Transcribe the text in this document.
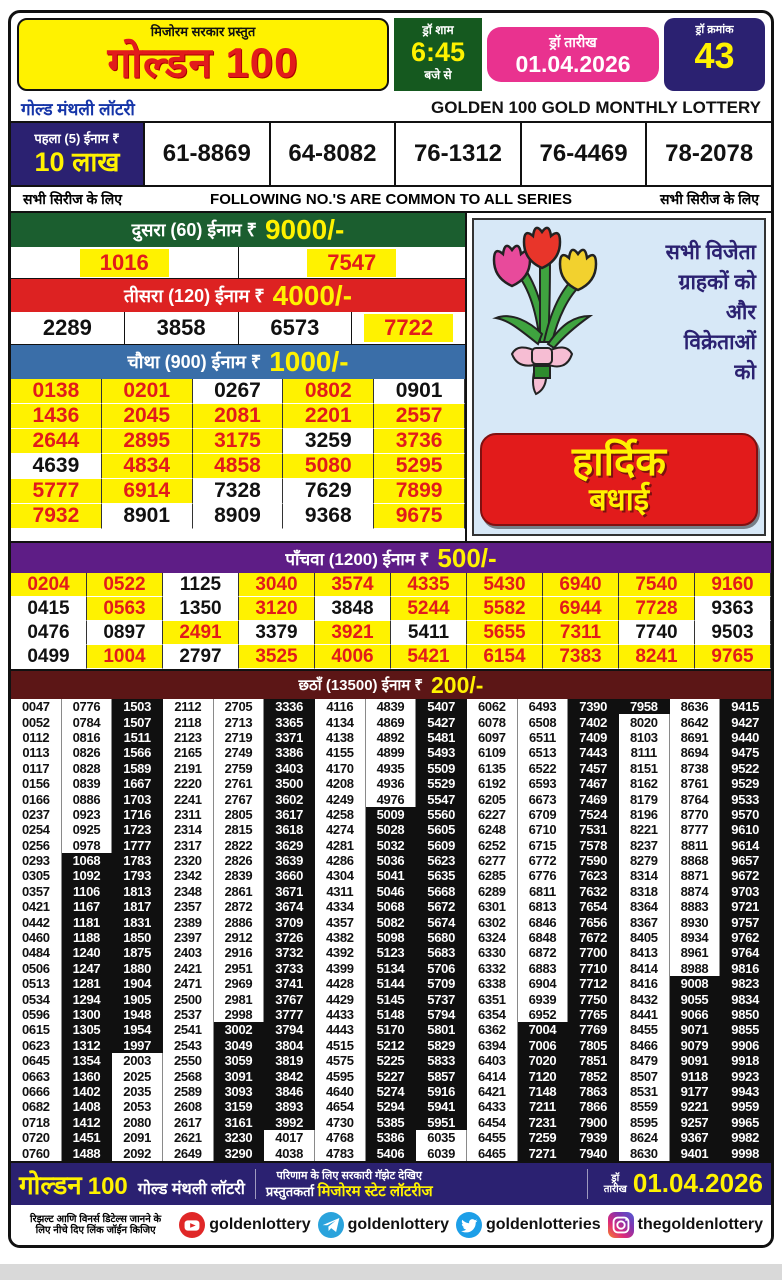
मिजोरम सरकार प्रस्तुत
गोल्डन 100
ड्रॉ शाम
6:45
बजे से
ड्रॉ तारीख
01.04.2026
ड्रॉ क्रमांक
43
गोल्ड मंथली लॉटरी	GOLDEN 100 GOLD MONTHLY LOTTERY
पहला (5) ईनाम ₹
10 लाख	61-8869	64-8082	76-1312	76-4469	78-2078
सभी सिरीज के लिए	FOLLOWING NO.'S ARE COMMON TO ALL SERIES	सभी सिरीज के लिए
दुसरा (60) ईनाम ₹ 9000/-
1016	7547
तीसरा (120) ईनाम ₹ 4000/-
2289	3858	6573	7722
चौथा (900) ईनाम ₹ 1000/-
0138	0201	0267	0802	0901
1436	2045	2081	2201	2557
2644	2895	3175	3259	3736
4639	4834	4858	5080	5295
5777	6914	7328	7629	7899
7932	8901	8909	9368	9675
सभी विजेता
ग्राहकों को
और
विक्रेताओं
को
हार्दिक
बधाई
पाँचवा (1200) ईनाम ₹ 500/-
0204	0522	1125	3040	3574	4335	5430	6940	7540	9160
0415	0563	1350	3120	3848	5244	5582	6944	7728	9363
0476	0897	2491	3379	3921	5411	5655	7311	7740	9503
0499	1004	2797	3525	4006	5421	6154	7383	8241	9765
छठाँ (13500) ईनाम ₹ 200/-
0047	0776	1503	2112	2705	3336	4116	4839	5407	6062	6493	7390	7958	8636	9415
0052	0784	1507	2118	2713	3365	4134	4869	5427	6078	6508	7402	8020	8642	9427
0112	0816	1511	2123	2719	3371	4138	4892	5481	6097	6511	7409	8103	8691	9440
0113	0826	1566	2165	2749	3386	4155	4899	5493	6109	6513	7443	8111	8694	9475
0117	0828	1589	2191	2759	3403	4170	4935	5509	6135	6522	7457	8151	8738	9522
0156	0839	1667	2220	2761	3500	4208	4936	5529	6192	6593	7467	8162	8761	9529
0166	0886	1703	2241	2767	3602	4249	4976	5547	6205	6673	7469	8179	8764	9533
0237	0923	1716	2311	2805	3617	4258	5009	5560	6227	6709	7524	8196	8770	9570
0254	0925	1723	2314	2815	3618	4274	5028	5605	6248	6710	7531	8221	8777	9610
0256	0978	1777	2317	2822	3629	4281	5032	5609	6252	6715	7578	8237	8811	9614
0293	1068	1783	2320	2826	3639	4286	5036	5623	6277	6772	7590	8279	8868	9657
0305	1092	1793	2342	2839	3660	4304	5041	5635	6285	6776	7623	8314	8871	9672
0357	1106	1813	2348	2861	3671	4311	5046	5668	6289	6811	7632	8318	8874	9703
0421	1167	1817	2357	2872	3674	4334	5068	5672	6301	6813	7654	8364	8883	9721
0442	1181	1831	2389	2886	3709	4357	5082	5674	6302	6846	7656	8367	8930	9757
0460	1188	1850	2397	2912	3726	4382	5098	5680	6324	6848	7672	8405	8934	9762
0484	1240	1875	2403	2916	3732	4392	5123	5683	6330	6872	7700	8413	8961	9764
0506	1247	1880	2421	2951	3733	4399	5134	5706	6332	6883	7710	8414	8988	9816
0513	1281	1904	2471	2969	3741	4428	5144	5709	6338	6904	7712	8416	9008	9823
0534	1294	1905	2500	2981	3767	4429	5145	5737	6351	6939	7750	8432	9055	9834
0596	1300	1948	2537	2998	3777	4433	5148	5794	6354	6952	7765	8441	9066	9850
0615	1305	1954	2541	3002	3794	4443	5170	5801	6362	7004	7769	8455	9071	9855
0623	1312	1997	2543	3049	3804	4515	5212	5829	6394	7006	7805	8466	9079	9906
0645	1354	2003	2550	3059	3819	4575	5225	5833	6403	7020	7851	8479	9091	9918
0663	1360	2025	2568	3091	3842	4595	5227	5857	6414	7120	7852	8507	9118	9923
0666	1402	2035	2589	3093	3846	4640	5274	5916	6421	7148	7863	8531	9177	9943
0682	1408	2053	2608	3159	3893	4654	5294	5941	6433	7211	7866	8559	9221	9959
0718	1412	2080	2617	3161	3992	4730	5385	5951	6454	7231	7900	8595	9257	9965
0720	1451	2091	2621	3230	4017	4768	5386	6035	6455	7259	7939	8624	9367	9982
0760	1488	2092	2649	3290	4038	4783	5406	6039	6465	7271	7940	8630	9401	9998
गोल्डन 100 गोल्ड मंथली लॉटरी
परिणाम के लिए सरकारी गॅझेट देखिए
प्रस्तुतकर्ता मिजोरम स्टेट लॉटरीज
ड्रॉ
तारीख 01.04.2026
रिझल्ट आणि विनर्स डिटेल्स जानने के
लिए नीचे दिए लिंक जॉईन किजिए	goldenlottery goldenlottery goldenlotteries thegoldenlottery
